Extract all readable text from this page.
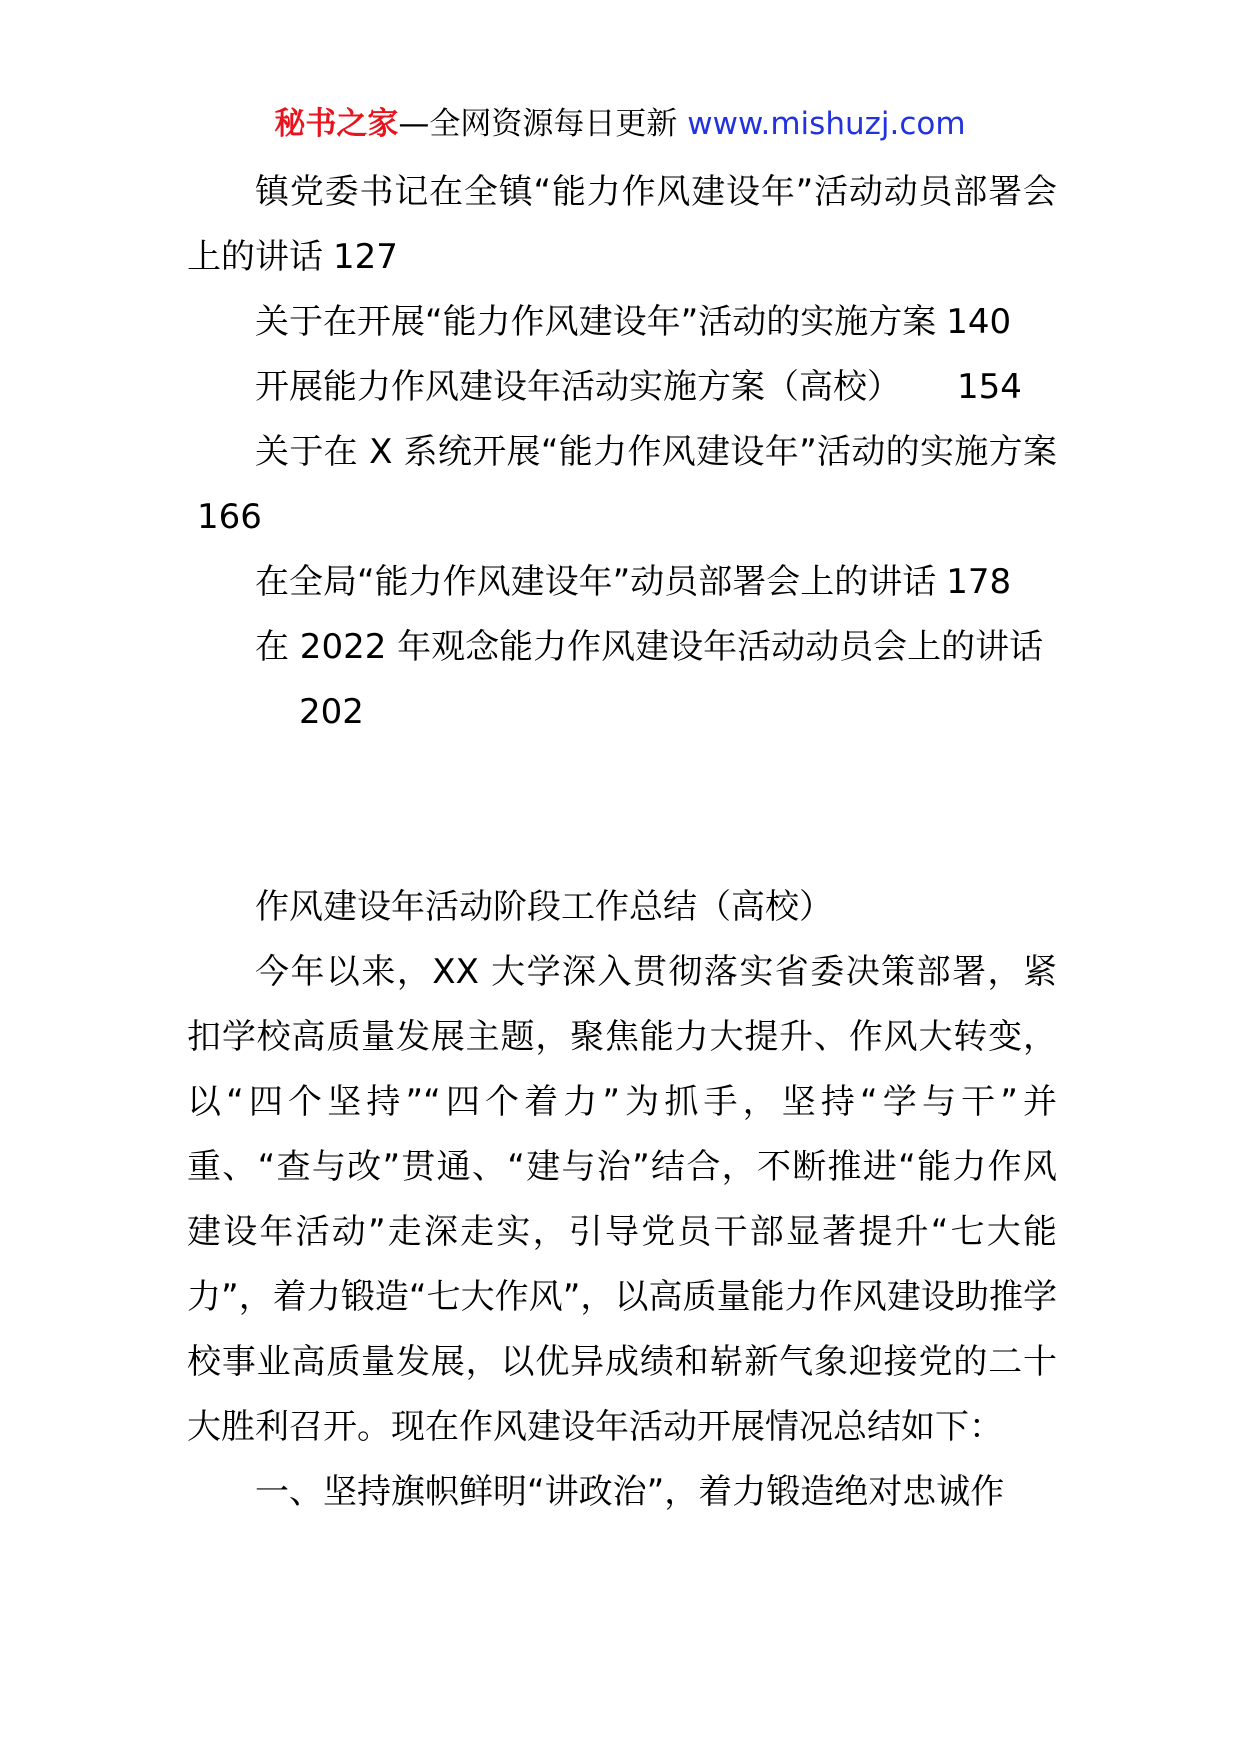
秘书之家—全网资源每日更新 www.mishuzj.com

镇党委书记在全镇“能力作风建设年”活动动员部署会上的讲话 127

关于在开展“能力作风建设年”活动的实施方案 140

开展能力作风建设年活动实施方案（高校） 154

关于在 X 系统开展“能力作风建设年”活动的实施方案166

在全局“能力作风建设年”动员部署会上的讲话 178

在 2022 年观念能力作风建设年活动动员会上的讲话
202

作风建设年活动阶段工作总结（高校）

今年以来，XX 大学深入贯彻落实省委决策部署，紧扣学校高质量发展主题，聚焦能力大提升、作风大转变，以“四个坚持”“四个着力”为抓手，坚持“学与干”并重、“查与改”贯通、“建与治”结合，不断推进“能力作风建设年活动”走深走实，引导党员干部显著提升“七大能力”，着力锻造“七大作风”，以高质量能力作风建设助推学校事业高质量发展，以优异成绩和崭新气象迎接党的二十大胜利召开。现在作风建设年活动开展情况总结如下：

一、坚持旗帜鲜明“讲政治”，着力锻造绝对忠诚作
